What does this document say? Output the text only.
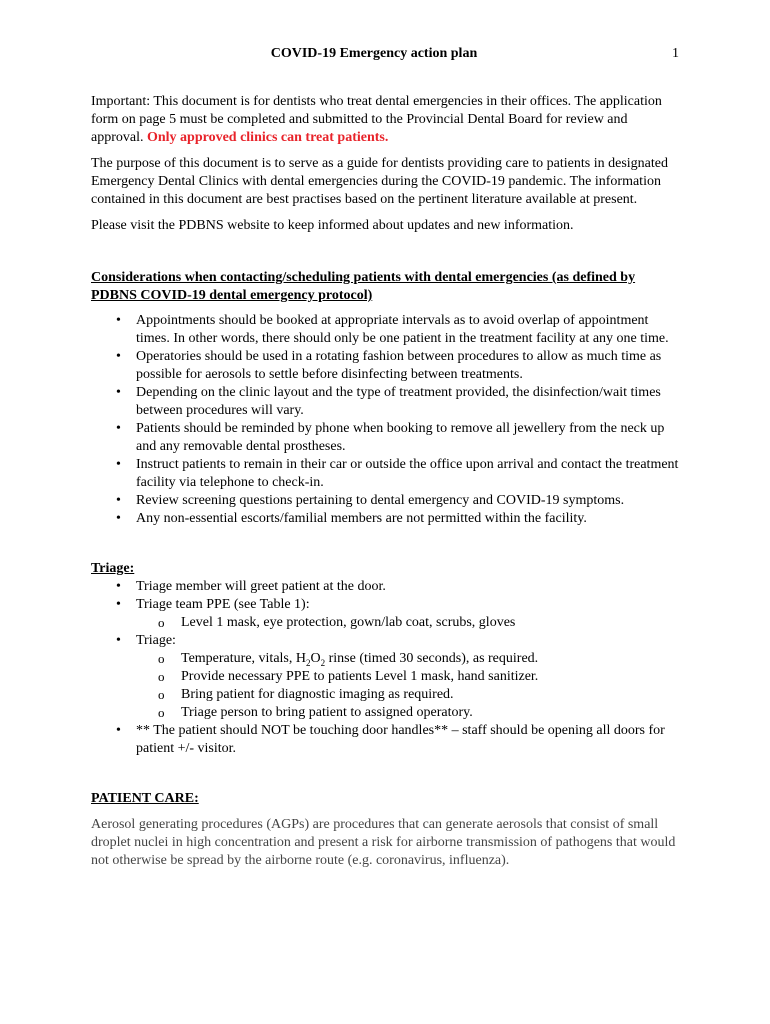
COVID-19 Emergency action plan	1

Important: This document is for dentists who treat dental emergencies in their offices. The application form on page 5 must be completed and submitted to the Provincial Dental Board for review and approval. Only approved clinics can treat patients.

The purpose of this document is to serve as a guide for dentists providing care to patients in designated Emergency Dental Clinics with dental emergencies during the COVID-19 pandemic. The information contained in this document are best practises based on the pertinent literature available at present.

Please visit the PDBNS website to keep informed about updates and new information.

Considerations when contacting/scheduling patients with dental emergencies (as defined by PDBNS COVID-19 dental emergency protocol)

• Appointments should be booked at appropriate intervals as to avoid overlap of appointment times. In other words, there should only be one patient in the treatment facility at any one time.
• Operatories should be used in a rotating fashion between procedures to allow as much time as possible for aerosols to settle before disinfecting between treatments.
• Depending on the clinic layout and the type of treatment provided, the disinfection/wait times between procedures will vary.
• Patients should be reminded by phone when booking to remove all jewellery from the neck up and any removable dental prostheses.
• Instruct patients to remain in their car or outside the office upon arrival and contact the treatment facility via telephone to check-in.
• Review screening questions pertaining to dental emergency and COVID-19 symptoms.
• Any non-essential escorts/familial members are not permitted within the facility.

Triage:

• Triage member will greet patient at the door.
• Triage team PPE (see Table 1):
o Level 1 mask, eye protection, gown/lab coat, scrubs, gloves
• Triage:
o Temperature, vitals, $H_2O_2$ rinse (timed 30 seconds), as required.
o Provide necessary PPE to patients Level 1 mask, hand sanitizer.
o Bring patient for diagnostic imaging as required.
o Triage person to bring patient to assigned operatory.
• ** The patient should NOT be touching door handles** – staff should be opening all doors for patient +/- visitor.

PATIENT CARE:

Aerosol generating procedures (AGPs) are procedures that can generate aerosols that consist of small droplet nuclei in high concentration and present a risk for airborne transmission of pathogens that would not otherwise be spread by the airborne route (e.g. coronavirus, influenza).
